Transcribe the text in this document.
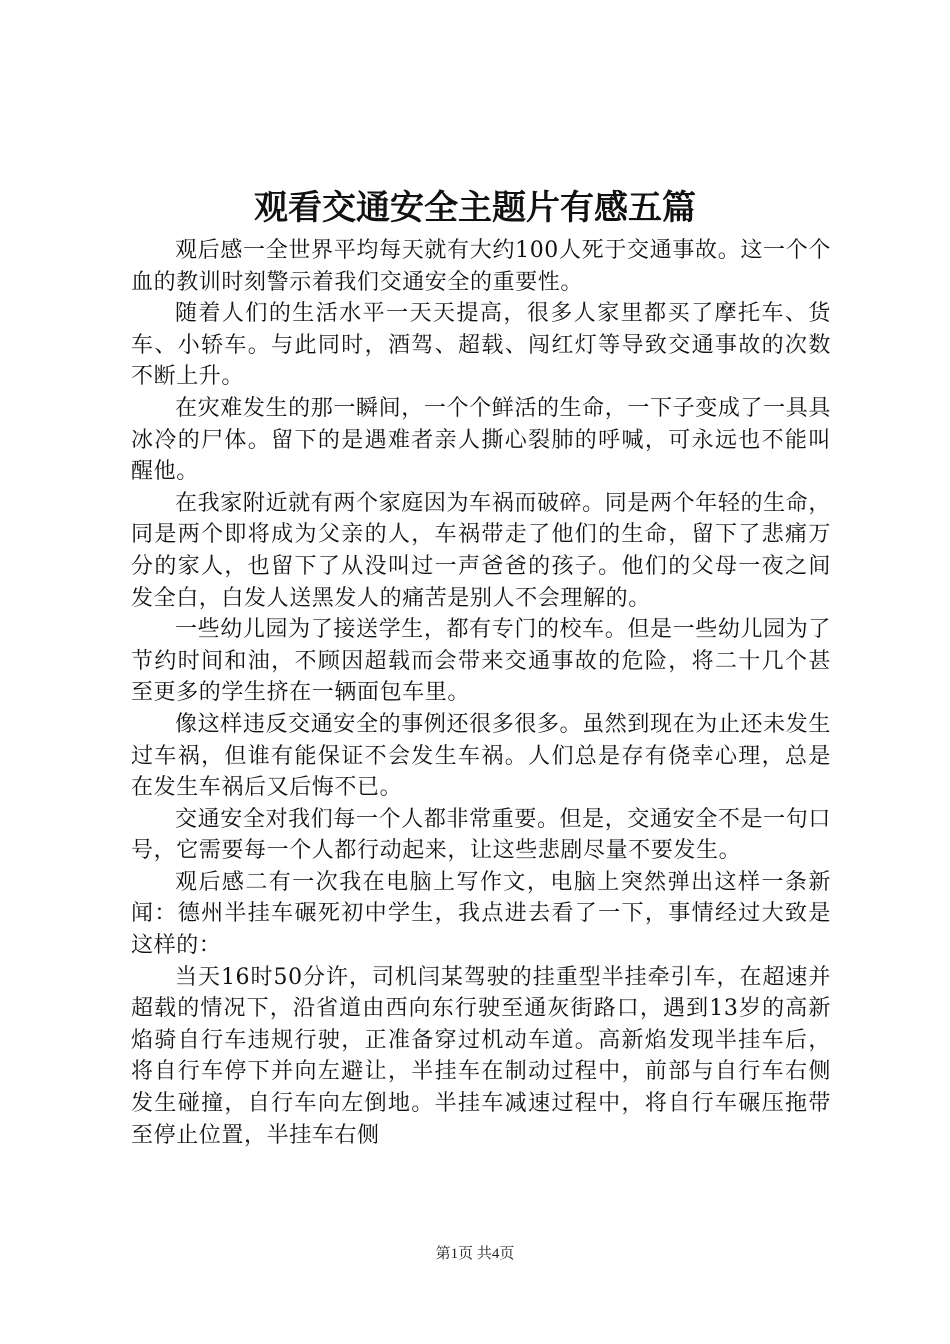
观看交通安全主题片有感五篇

观后感一全世界平均每天就有大约100人死于交通事故。这一个个血的教训时刻警示着我们交通安全的重要性。

随着人们的生活水平一天天提高，很多人家里都买了摩托车、货车、小轿车。与此同时，酒驾、超载、闯红灯等导致交通事故的次数不断上升。

在灾难发生的那一瞬间，一个个鲜活的生命，一下子变成了一具具冰冷的尸体。留下的是遇难者亲人撕心裂肺的呼喊，可永远也不能叫醒他。

在我家附近就有两个家庭因为车祸而破碎。同是两个年轻的生命，同是两个即将成为父亲的人，车祸带走了他们的生命，留下了悲痛万分的家人，也留下了从没叫过一声爸爸的孩子。他们的父母一夜之间发全白，白发人送黑发人的痛苦是别人不会理解的。

一些幼儿园为了接送学生，都有专门的校车。但是一些幼儿园为了节约时间和油，不顾因超载而会带来交通事故的危险，将二十几个甚至更多的学生挤在一辆面包车里。

像这样违反交通安全的事例还很多很多。虽然到现在为止还未发生过车祸，但谁有能保证不会发生车祸。人们总是存有侥幸心理，总是在发生车祸后又后悔不已。

交通安全对我们每一个人都非常重要。但是，交通安全不是一句口号，它需要每一个人都行动起来，让这些悲剧尽量不要发生。

观后感二有一次我在电脑上写作文，电脑上突然弹出这样一条新闻：德州半挂车碾死初中学生，我点进去看了一下，事情经过大致是这样的：

当天16时50分许，司机闫某驾驶的挂重型半挂牵引车，在超速并超载的情况下，沿省道由西向东行驶至通灰街路口，遇到13岁的高新焰骑自行车违规行驶，正准备穿过机动车道。高新焰发现半挂车后，将自行车停下并向左避让，半挂车在制动过程中，前部与自行车右侧发生碰撞，自行车向左倒地。半挂车减速过程中，将自行车碾压拖带至停止位置，半挂车右侧

第1页 共4页
